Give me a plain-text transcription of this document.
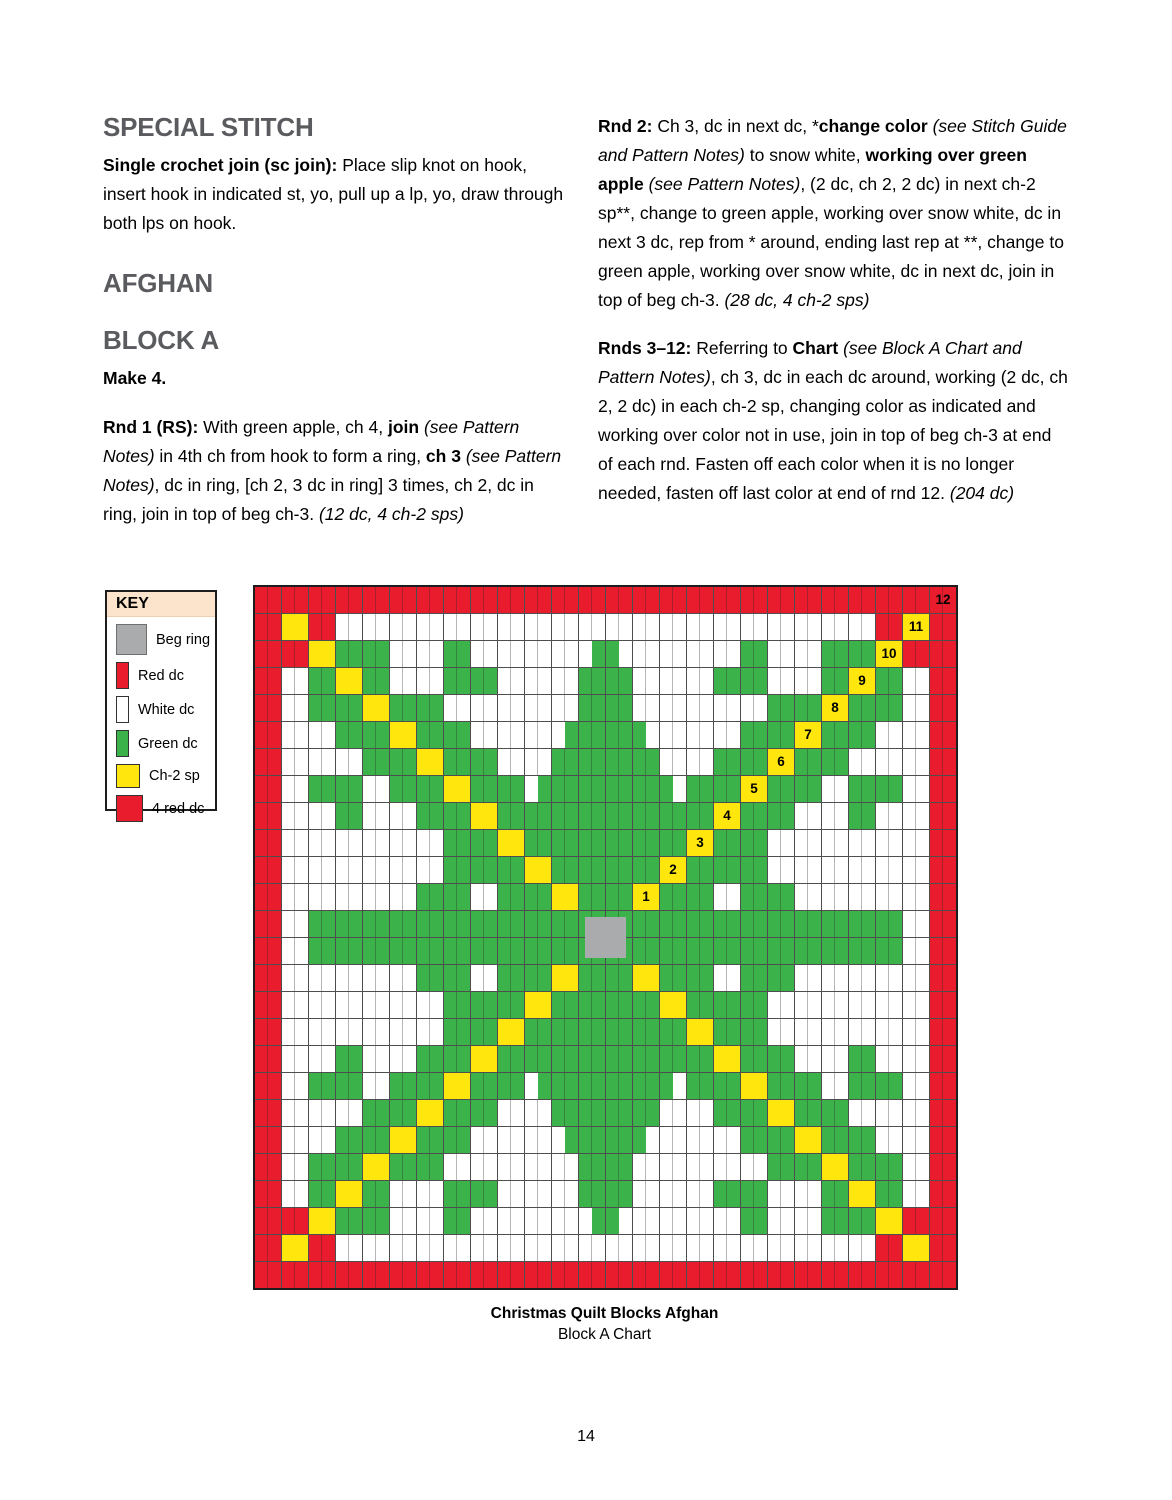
SPECIAL STITCH

Single crochet join (sc join): Place slip knot on hook, insert hook in indicated st, yo, pull up a lp, yo, draw through both lps on hook.

AFGHAN
BLOCK A

Make 4.

Rnd 1 (RS): With green apple, ch 4, join (see Pattern Notes) in 4th ch from hook to form a ring, ch 3 (see Pattern Notes), dc in ring, [ch 2, 3 dc in ring] 3 times, ch 2, dc in ring, join in top of beg ch-3. (12 dc, 4 ch-2 sps)

Rnd 2: Ch 3, dc in next dc, *change color (see Stitch Guide and Pattern Notes) to snow white, working over green apple (see Pattern Notes), (2 dc, ch 2, 2 dc) in next ch-2 sp**, change to green apple, working over snow white, dc in next 3 dc, rep from * around, ending last rep at **, change to green apple, working over snow white, dc in next dc, join in top of beg ch-3. (28 dc, 4 ch-2 sps)

Rnds 3–12: Referring to Chart (see Block A Chart and Pattern Notes), ch 3, dc in each dc around, working (2 dc, ch 2, 2 dc) in each ch-2 sp, changing color as indicated and working over color not in use, join in top of beg ch-3 at end of each rnd. Fasten off each color when it is no longer needed, fasten off last color at end of rnd 12. (204 dc)

KEY
Beg ring
Red dc
White dc
Green dc
Ch-2 sp
4 red dc
12
11
10
9
8
7
6
5
4
3
2
1
Christmas Quilt Blocks Afghan
Block A Chart
14
